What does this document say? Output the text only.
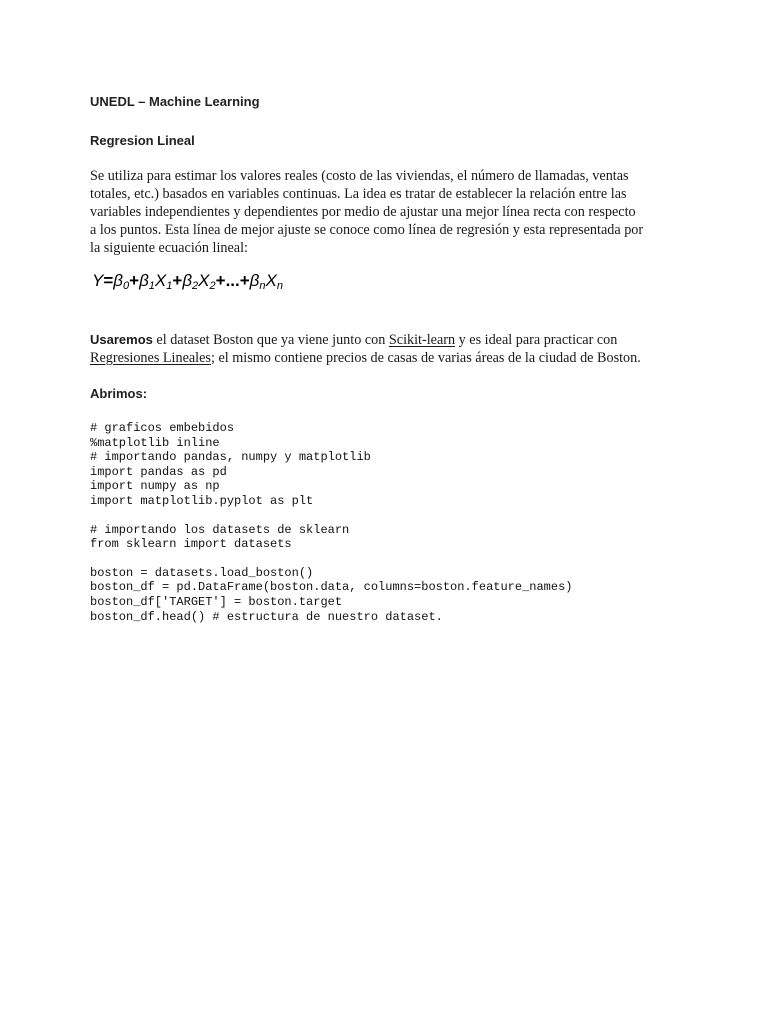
UNEDL – Machine Learning
Regresion Lineal

Se utiliza para estimar los valores reales (costo de las viviendas, el número de llamadas, ventas
totales, etc.) basados en variables continuas. La idea es tratar de establecer la relación entre las
variables independientes y dependientes por medio de ajustar una mejor línea recta con respecto
a los puntos. Esta línea de mejor ajuste se conoce como línea de regresión y esta representada por
la siguiente ecuación lineal:

$Y=\beta_0+\beta_1X_1+\beta_2X_2+...+\beta_nX_n$

Usaremos el dataset Boston que ya viene junto con Scikit-learn y es ideal para practicar con
Regresiones Lineales; el mismo contiene precios de casas de varias áreas de la ciudad de Boston.

Abrimos:
# graficos embebidos
%matplotlib inline
# importando pandas, numpy y matplotlib
import pandas as pd
import numpy as np
import matplotlib.pyplot as plt
# importando los datasets de sklearn
from sklearn import datasets
boston = datasets.load_boston()
boston_df = pd.DataFrame(boston.data, columns=boston.feature_names)
boston_df['TARGET'] = boston.target
boston_df.head() # estructura de nuestro dataset.
